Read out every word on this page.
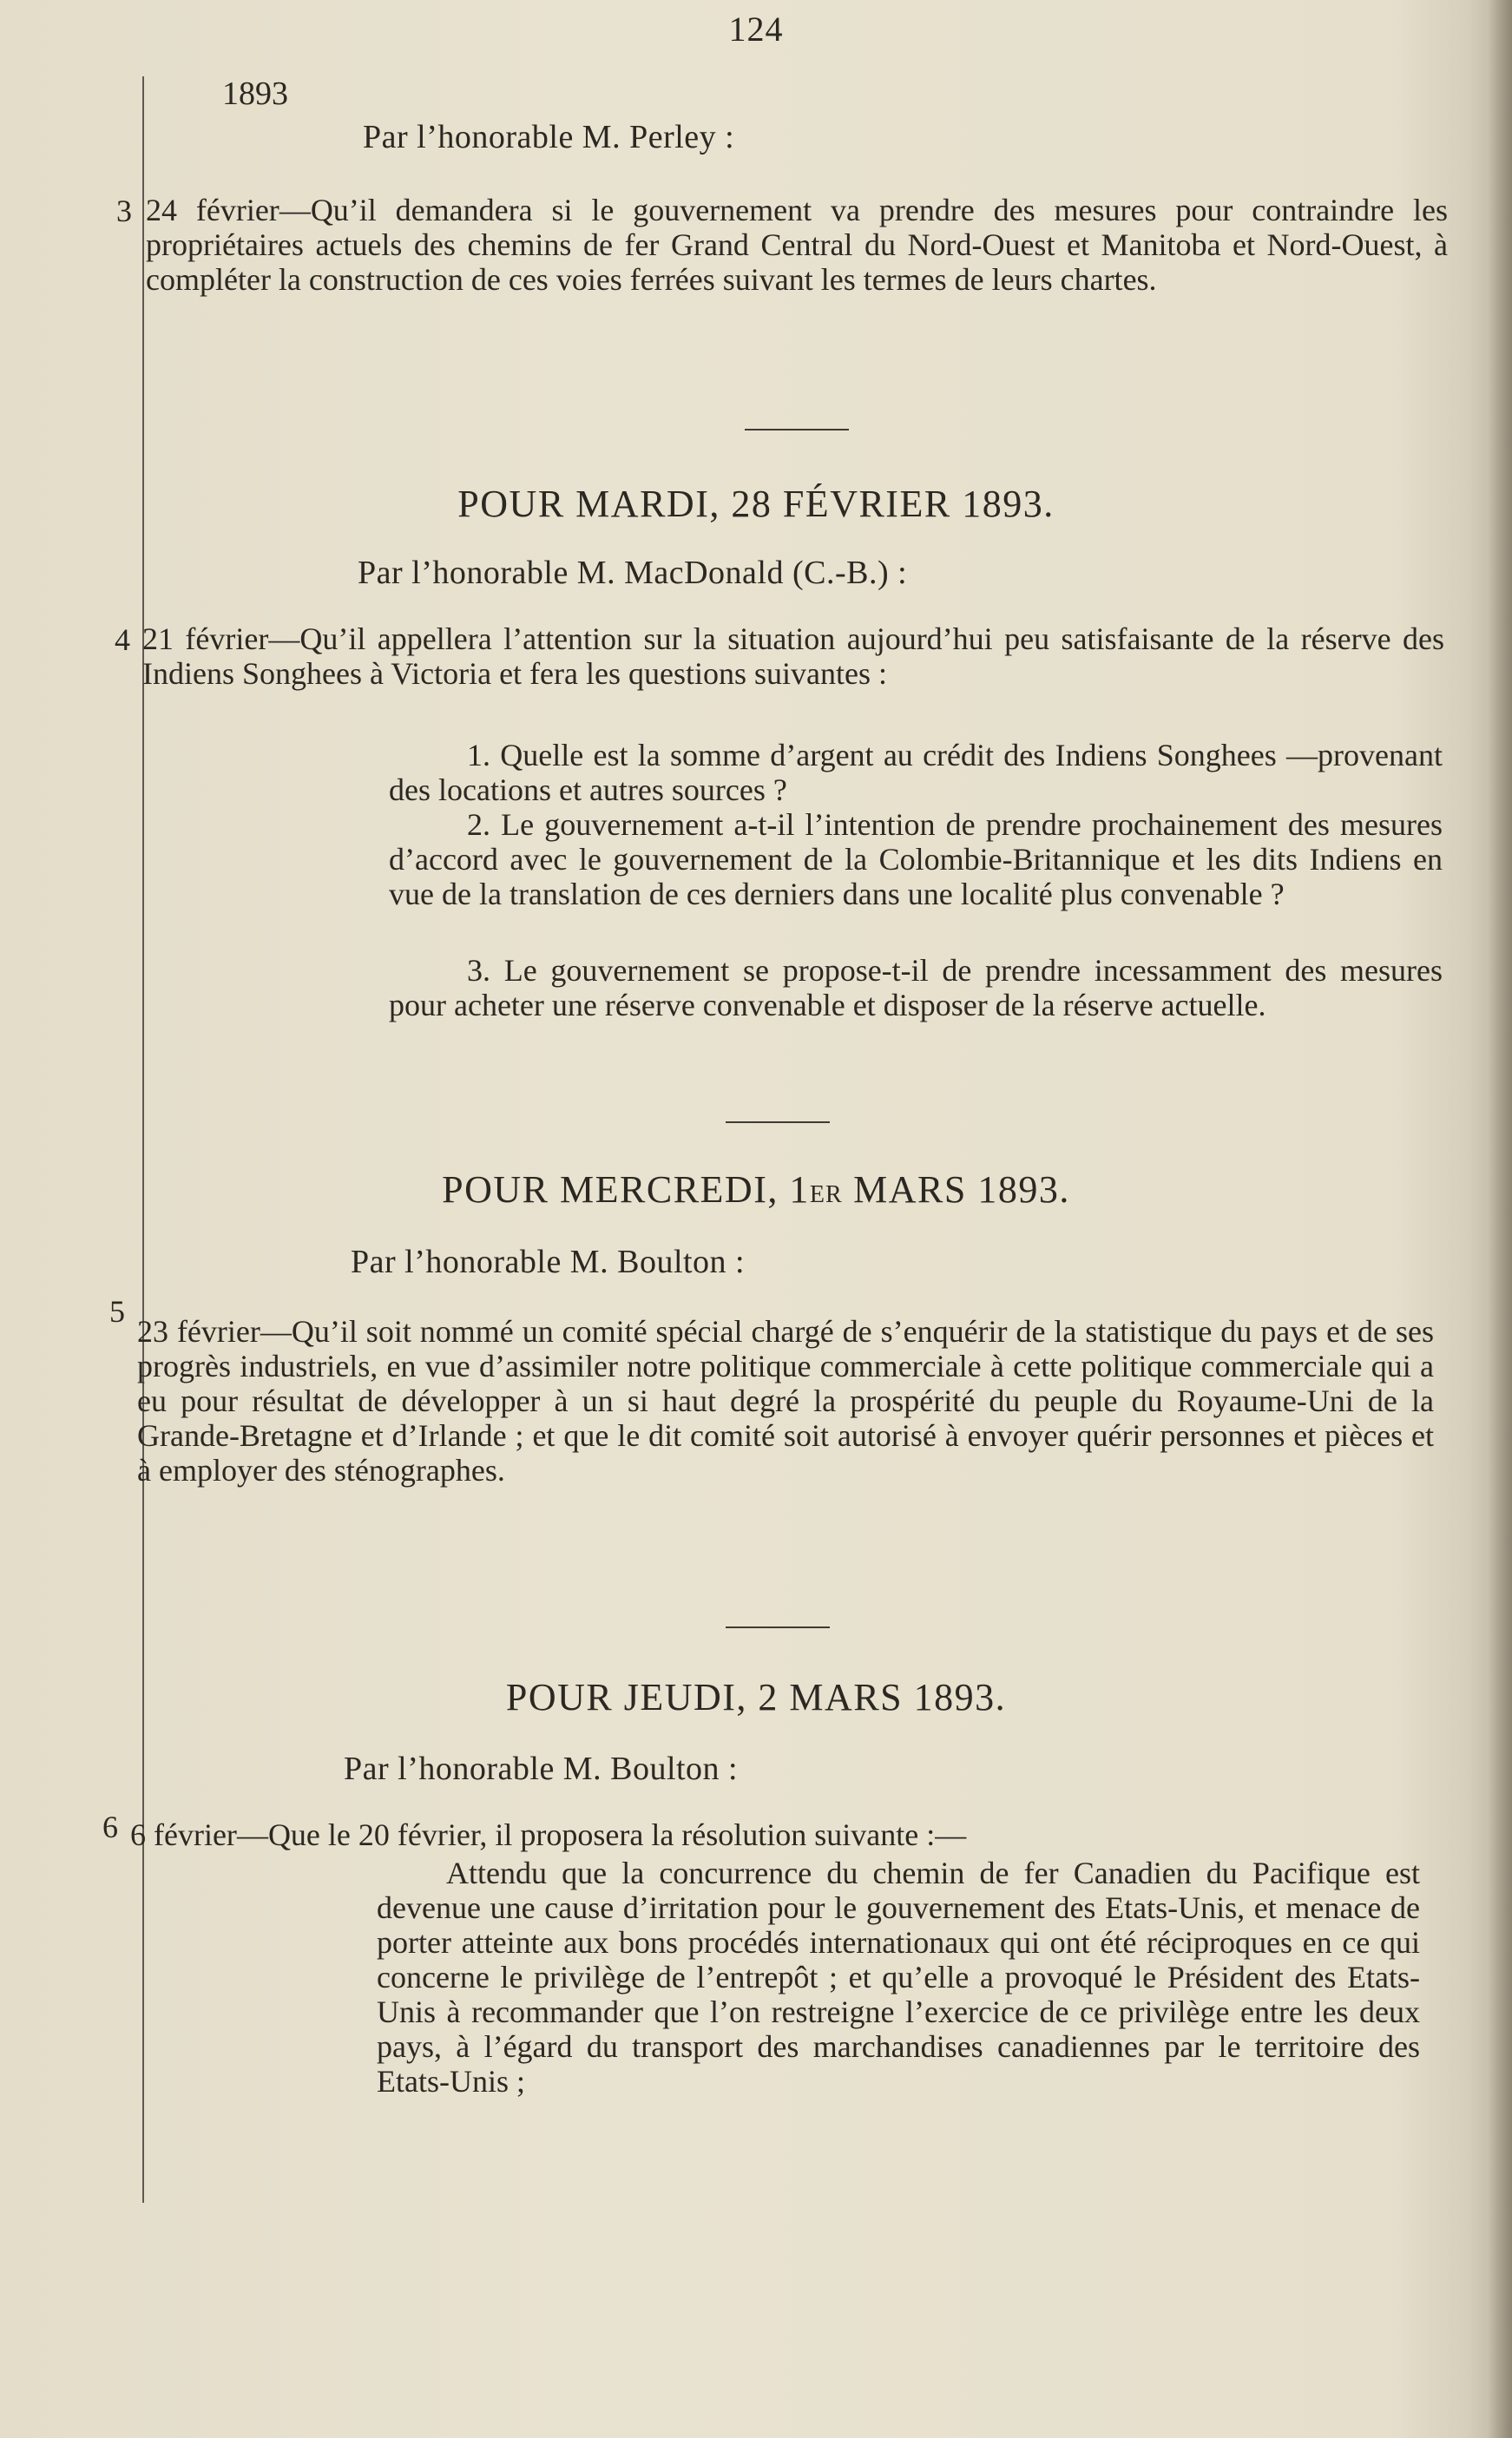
124
1893
Par l’honorable M. Perley :
3 24 février—Qu’il demandera si le gouvernement va prendre des mesures pour contraindre les propriétaires actuels des chemins de fer Grand Central du Nord-Ouest et Manitoba et Nord-Ouest, à compléter la construction de ces voies ferrées suivant les termes de leurs chartes.
POUR MARDI, 28 FÉVRIER 1893.
Par l’honorable M. MacDonald (C.-B.) :
4 21 février—Qu’il appellera l’attention sur la situation aujourd’hui peu satisfaisante de la réserve des Indiens Songhees à Victoria et fera les questions suivantes :
1. Quelle est la somme d’argent au crédit des Indiens Songhees —provenant des locations et autres sources ?
2. Le gouvernement a-t-il l’intention de prendre prochainement des mesures d’accord avec le gouvernement de la Colombie-Britannique et les dits Indiens en vue de la translation de ces derniers dans une localité plus convenable ?
3. Le gouvernement se propose-t-il de prendre incessamment des mesures pour acheter une réserve convenable et disposer de la réserve actuelle.
POUR MERCREDI, 1ER MARS 1893.
Par l’honorable M. Boulton :
5
23 février—Qu’il soit nommé un comité spécial chargé de s’enquérir de la statistique du pays et de ses progrès industriels, en vue d’assimiler notre politique commerciale à cette politique commerciale qui a eu pour résultat de développer à un si haut degré la prospérité du peuple du Royaume-Uni de la Grande-Bretagne et d’Irlande ; et que le dit comité soit autorisé à envoyer quérir personnes et pièces et à employer des sténographes.
POUR JEUDI, 2 MARS 1893.
Par l’honorable M. Boulton :
6 6 février—Que le 20 février, il proposera la résolution suivante :—
Attendu que la concurrence du chemin de fer Canadien du Pacifique est devenue une cause d’irritation pour le gouvernement des Etats-Unis, et menace de porter atteinte aux bons procédés internationaux qui ont été réciproques en ce qui concerne le privilège de l’entrepôt ; et qu’elle a provoqué le Président des Etats-Unis à recommander que l’on restreigne l’exercice de ce privilège entre les deux pays, à l’égard du transport des marchandises canadiennes par le territoire des Etats-Unis ;
